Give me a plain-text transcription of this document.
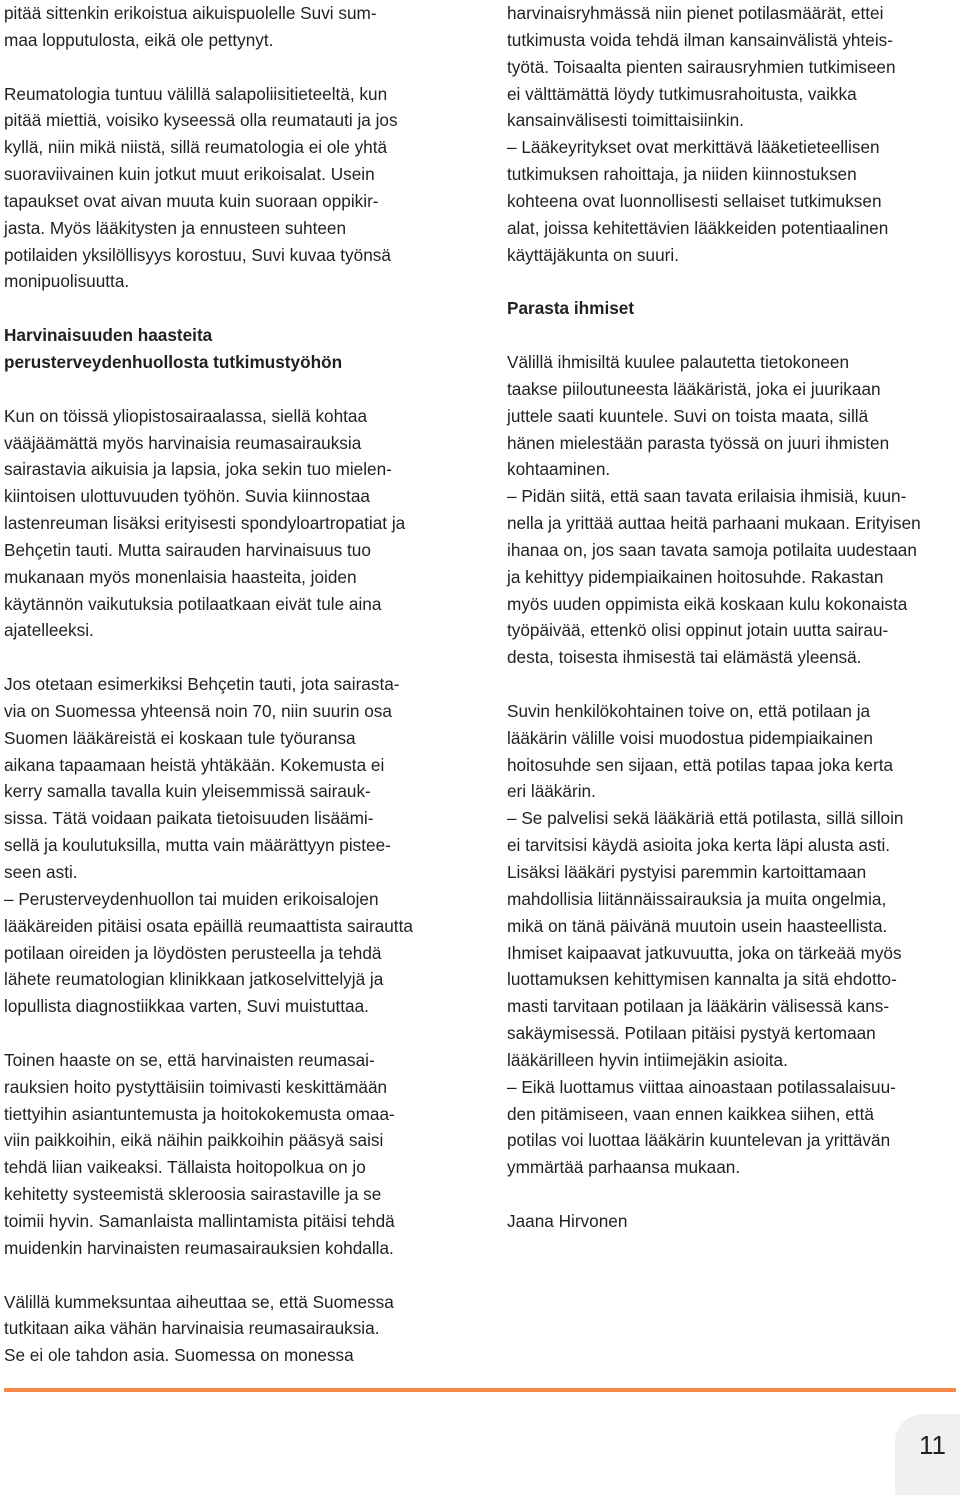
pitää sittenkin erikoistua aikuispuolelle Suvi sum-
maa lopputulosta, eikä ole pettynyt.
Reumatologia tuntuu välillä salapoliisitieteeltä, kun
pitää miettiä, voisiko kyseessä olla reumatauti ja jos
kyllä, niin mikä niistä, sillä reumatologia ei ole yhtä
suoraviivainen kuin jotkut muut erikoisalat. Usein
tapaukset ovat aivan muuta kuin suoraan oppikir-
jasta. Myös lääkitysten ja ennusteen suhteen
potilaiden yksilöllisyys korostuu, Suvi kuvaa työnsä
monipuolisuutta.
Harvinaisuuden haasteita
perusterveydenhuollosta tutkimustyöhön
Kun on töissä yliopistosairaalassa, siellä kohtaa
vääjäämättä myös harvinaisia reumasairauksia
sairastavia aikuisia ja lapsia, joka sekin tuo mielen-
kiintoisen ulottuvuuden työhön. Suvia kiinnostaa
lastenreuman lisäksi erityisesti spondyloartropatiat ja
Behçetin tauti. Mutta sairauden harvinaisuus tuo
mukanaan myös monenlaisia haasteita, joiden
käytännön vaikutuksia potilaatkaan eivät tule aina
ajatelleeksi.
Jos otetaan esimerkiksi Behçetin tauti, jota sairasta-
via on Suomessa yhteensä noin 70, niin suurin osa
Suomen lääkäreistä ei koskaan tule työuransa
aikana tapaamaan heistä yhtäkään. Kokemusta ei
kerry samalla tavalla kuin yleisemmissä sairauk-
sissa. Tätä voidaan paikata tietoisuuden lisäämi-
sellä ja koulutuksilla, mutta vain määrättyyn pistee-
seen asti.
– Perusterveydenhuollon tai muiden erikoisalojen
lääkäreiden pitäisi osata epäillä reumaattista sairautta
potilaan oireiden ja löydösten perusteella ja tehdä
lähete reumatologian klinikkaan jatkoselvittelyjä ja
lopullista diagnostiikkaa varten, Suvi muistuttaa.
Toinen haaste on se, että harvinaisten reumasai-
rauksien hoito pystyttäisiin toimivasti keskittämään
tiettyihin asiantuntemusta ja hoitokokemusta omaa-
viin paikkoihin, eikä näihin paikkoihin pääsyä saisi
tehdä liian vaikeaksi. Tällaista hoitopolkua on jo
kehitetty systeemistä skleroosia sairastaville ja se
toimii hyvin. Samanlaista mallintamista pitäisi tehdä
muidenkin harvinaisten reumasairauksien kohdalla.
Välillä kummeksuntaa aiheuttaa se, että Suomessa
tutkitaan aika vähän harvinaisia reumasairauksia.
Se ei ole tahdon asia. Suomessa on monessa
harvinaisryhmässä niin pienet potilasmäärät, ettei
tutkimusta voida tehdä ilman kansainvälistä yhteis-
työtä. Toisaalta pienten sairausryhmien tutkimiseen
ei välttämättä löydy tutkimusrahoitusta, vaikka
kansainvälisesti toimittaisiinkin.
– Lääkeyritykset ovat merkittävä lääketieteellisen
tutkimuksen rahoittaja, ja niiden kiinnostuksen
kohteena ovat luonnollisesti sellaiset tutkimuksen
alat, joissa kehitettävien lääkkeiden potentiaalinen
käyttäjäkunta on suuri.
Parasta ihmiset
Välillä ihmisiltä kuulee palautetta tietokoneen
taakse piiloutuneesta lääkäristä, joka ei juurikaan
juttele saati kuuntele. Suvi on toista maata, sillä
hänen mielestään parasta työssä on juuri ihmisten
kohtaaminen.
– Pidän siitä, että saan tavata erilaisia ihmisiä, kuun-
nella ja yrittää auttaa heitä parhaani mukaan. Erityisen
ihanaa on, jos saan tavata samoja potilaita uudestaan
ja kehittyy pidempiaikainen hoitosuhde. Rakastan
myös uuden oppimista eikä koskaan kulu kokonaista
työpäivää, ettenkö olisi oppinut jotain uutta sairau-
desta, toisesta ihmisestä tai elämästä yleensä.
Suvin henkilökohtainen toive on, että potilaan ja
lääkärin välille voisi muodostua pidempiaikainen
hoitosuhde sen sijaan, että potilas tapaa joka kerta
eri lääkärin.
– Se palvelisi sekä lääkäriä että potilasta, sillä silloin
ei tarvitsisi käydä asioita joka kerta läpi alusta asti.
Lisäksi lääkäri pystyisi paremmin kartoittamaan
mahdollisia liitännäissairauksia ja muita ongelmia,
mikä on tänä päivänä muutoin usein haasteellista.
Ihmiset kaipaavat jatkuvuutta, joka on tärkeää myös
luottamuksen kehittymisen kannalta ja sitä ehdotto-
masti tarvitaan potilaan ja lääkärin välisessä kans-
sakäymisessä. Potilaan pitäisi pystyä kertomaan
lääkärilleen hyvin intiimejäkin asioita.
– Eikä luottamus viittaa ainoastaan potilassalaisuu-
den pitämiseen, vaan ennen kaikkea siihen, että
potilas voi luottaa lääkärin kuuntelevan ja yrittävän
ymmärtää parhaansa mukaan.
Jaana Hirvonen
11
